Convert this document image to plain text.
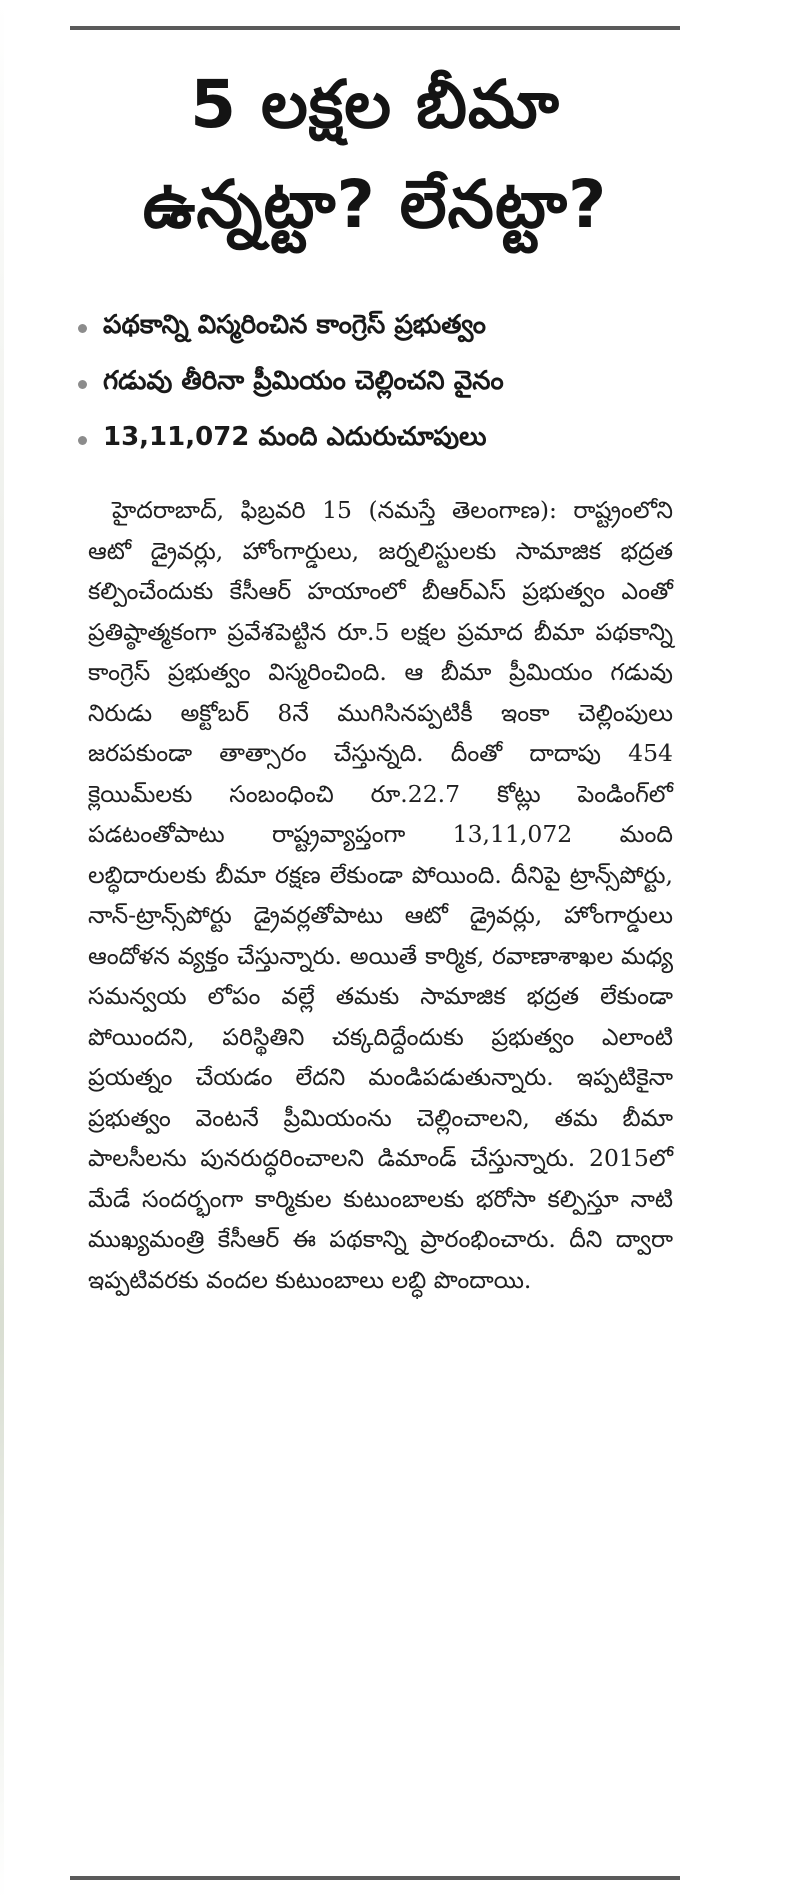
5 లక్షల బీమా
ఉన్నట్టా? లేనట్టా?
పథకాన్ని విస్మరించిన కాంగ్రెస్ ప్రభుత్వం
గడువు తీరినా ప్రీమియం చెల్లించని వైనం
13,11,072 మంది ఎదురుచూపులు

హైదరాబాద్, ఫిబ్రవరి 15 (నమస్తే తెలంగాణ): రాష్ట్రంలోని ఆటో డ్రైవర్లు, హోంగార్డులు, జర్నలిస్టులకు సామాజిక భద్రత కల్పించేందుకు కేసీఆర్ హయాంలో బీఆర్ఎస్ ప్రభుత్వం ఎంతో ప్రతిష్ఠాత్మకంగా ప్రవేశపెట్టిన రూ.5 లక్షల ప్రమాద బీమా పథకాన్ని కాంగ్రెస్ ప్రభుత్వం విస్మరించింది. ఆ బీమా ప్రీమియం గడువు నిరుడు అక్టోబర్ 8నే ముగిసినప్పటికీ ఇంకా చెల్లింపులు జరపకుండా తాత్సారం చేస్తున్నది. దీంతో దాదాపు 454 క్లెయిమ్‌లకు సంబంధించి రూ.22.7 కోట్లు పెండింగ్‌లో పడటంతోపాటు రాష్ట్రవ్యాప్తంగా 13,11,072 మంది లబ్ధిదారులకు బీమా రక్షణ లేకుండా పోయింది. దీనిపై ట్రాన్స్‌పోర్టు, నాన్-ట్రాన్స్‌పోర్టు డ్రైవర్లతోపాటు ఆటో డ్రైవర్లు, హోంగార్డులు ఆందోళన వ్యక్తం చేస్తున్నారు. అయితే కార్మిక, రవాణాశాఖల మధ్య సమన్వయ లోపం వల్లే తమకు సామాజిక భద్రత లేకుండా పోయిందని, పరిస్థితిని చక్కదిద్దేందుకు ప్రభుత్వం ఎలాంటి ప్రయత్నం చేయడం లేదని మండిపడుతున్నారు. ఇప్పటికైనా ప్రభుత్వం వెంటనే ప్రీమియంను చెల్లించాలని, తమ బీమా పాలసీలను పునరుద్ధరించాలని డిమాండ్ చేస్తున్నారు. 2015లో మేడే సందర్భంగా కార్మికుల కుటుంబాలకు భరోసా కల్పిస్తూ నాటి ముఖ్యమంత్రి కేసీఆర్ ఈ పథకాన్ని ప్రారంభించారు. దీని ద్వారా ఇప్పటివరకు వందల కుటుంబాలు లబ్ధి పొందాయి.
